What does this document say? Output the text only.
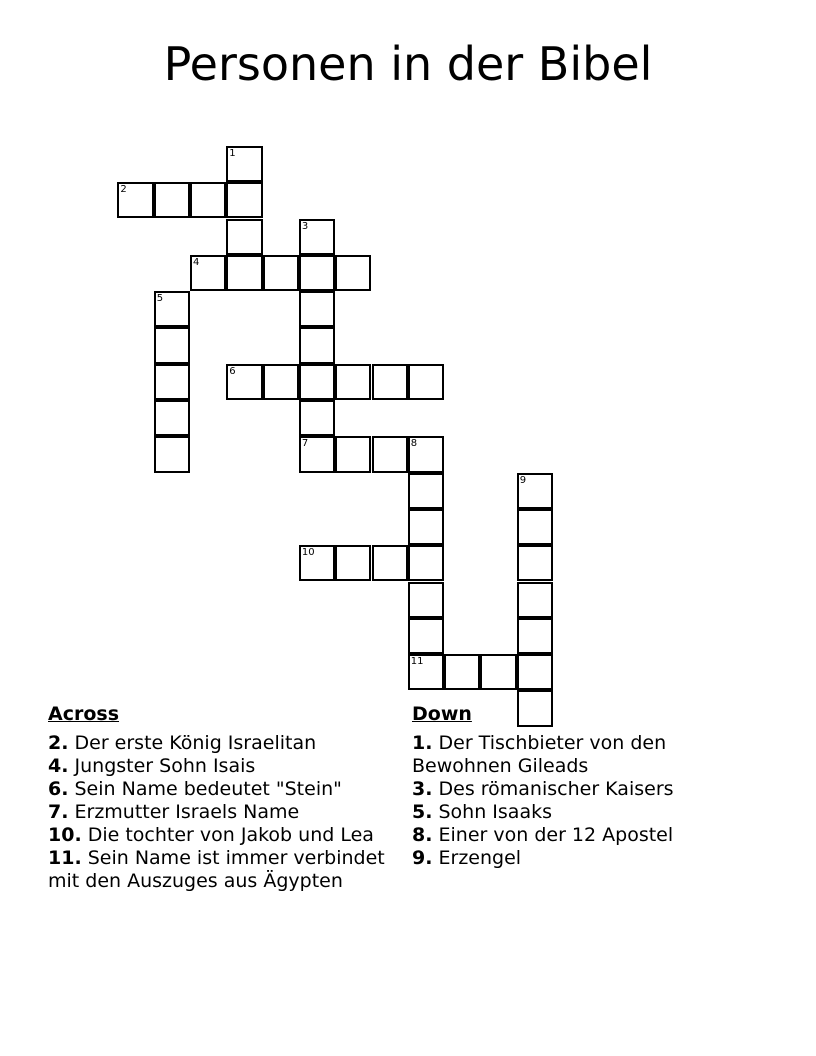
Personen in der Bibel
1
2
3
4
5
6
7	8
9
10
11
Across

2. Der erste König Israelitan

4. Jungster Sohn Isais

6. Sein Name bedeutet "Stein"

7. Erzmutter Israels Name

10. Die tochter von Jakob und Lea

11. Sein Name ist immer verbindet mit den Auszuges aus Ägypten

Down

1. Der Tischbieter von den Bewohnen Gileads

3. Des römanischer Kaisers

5. Sohn Isaaks

8. Einer von der 12 Apostel

9. Erzengel
